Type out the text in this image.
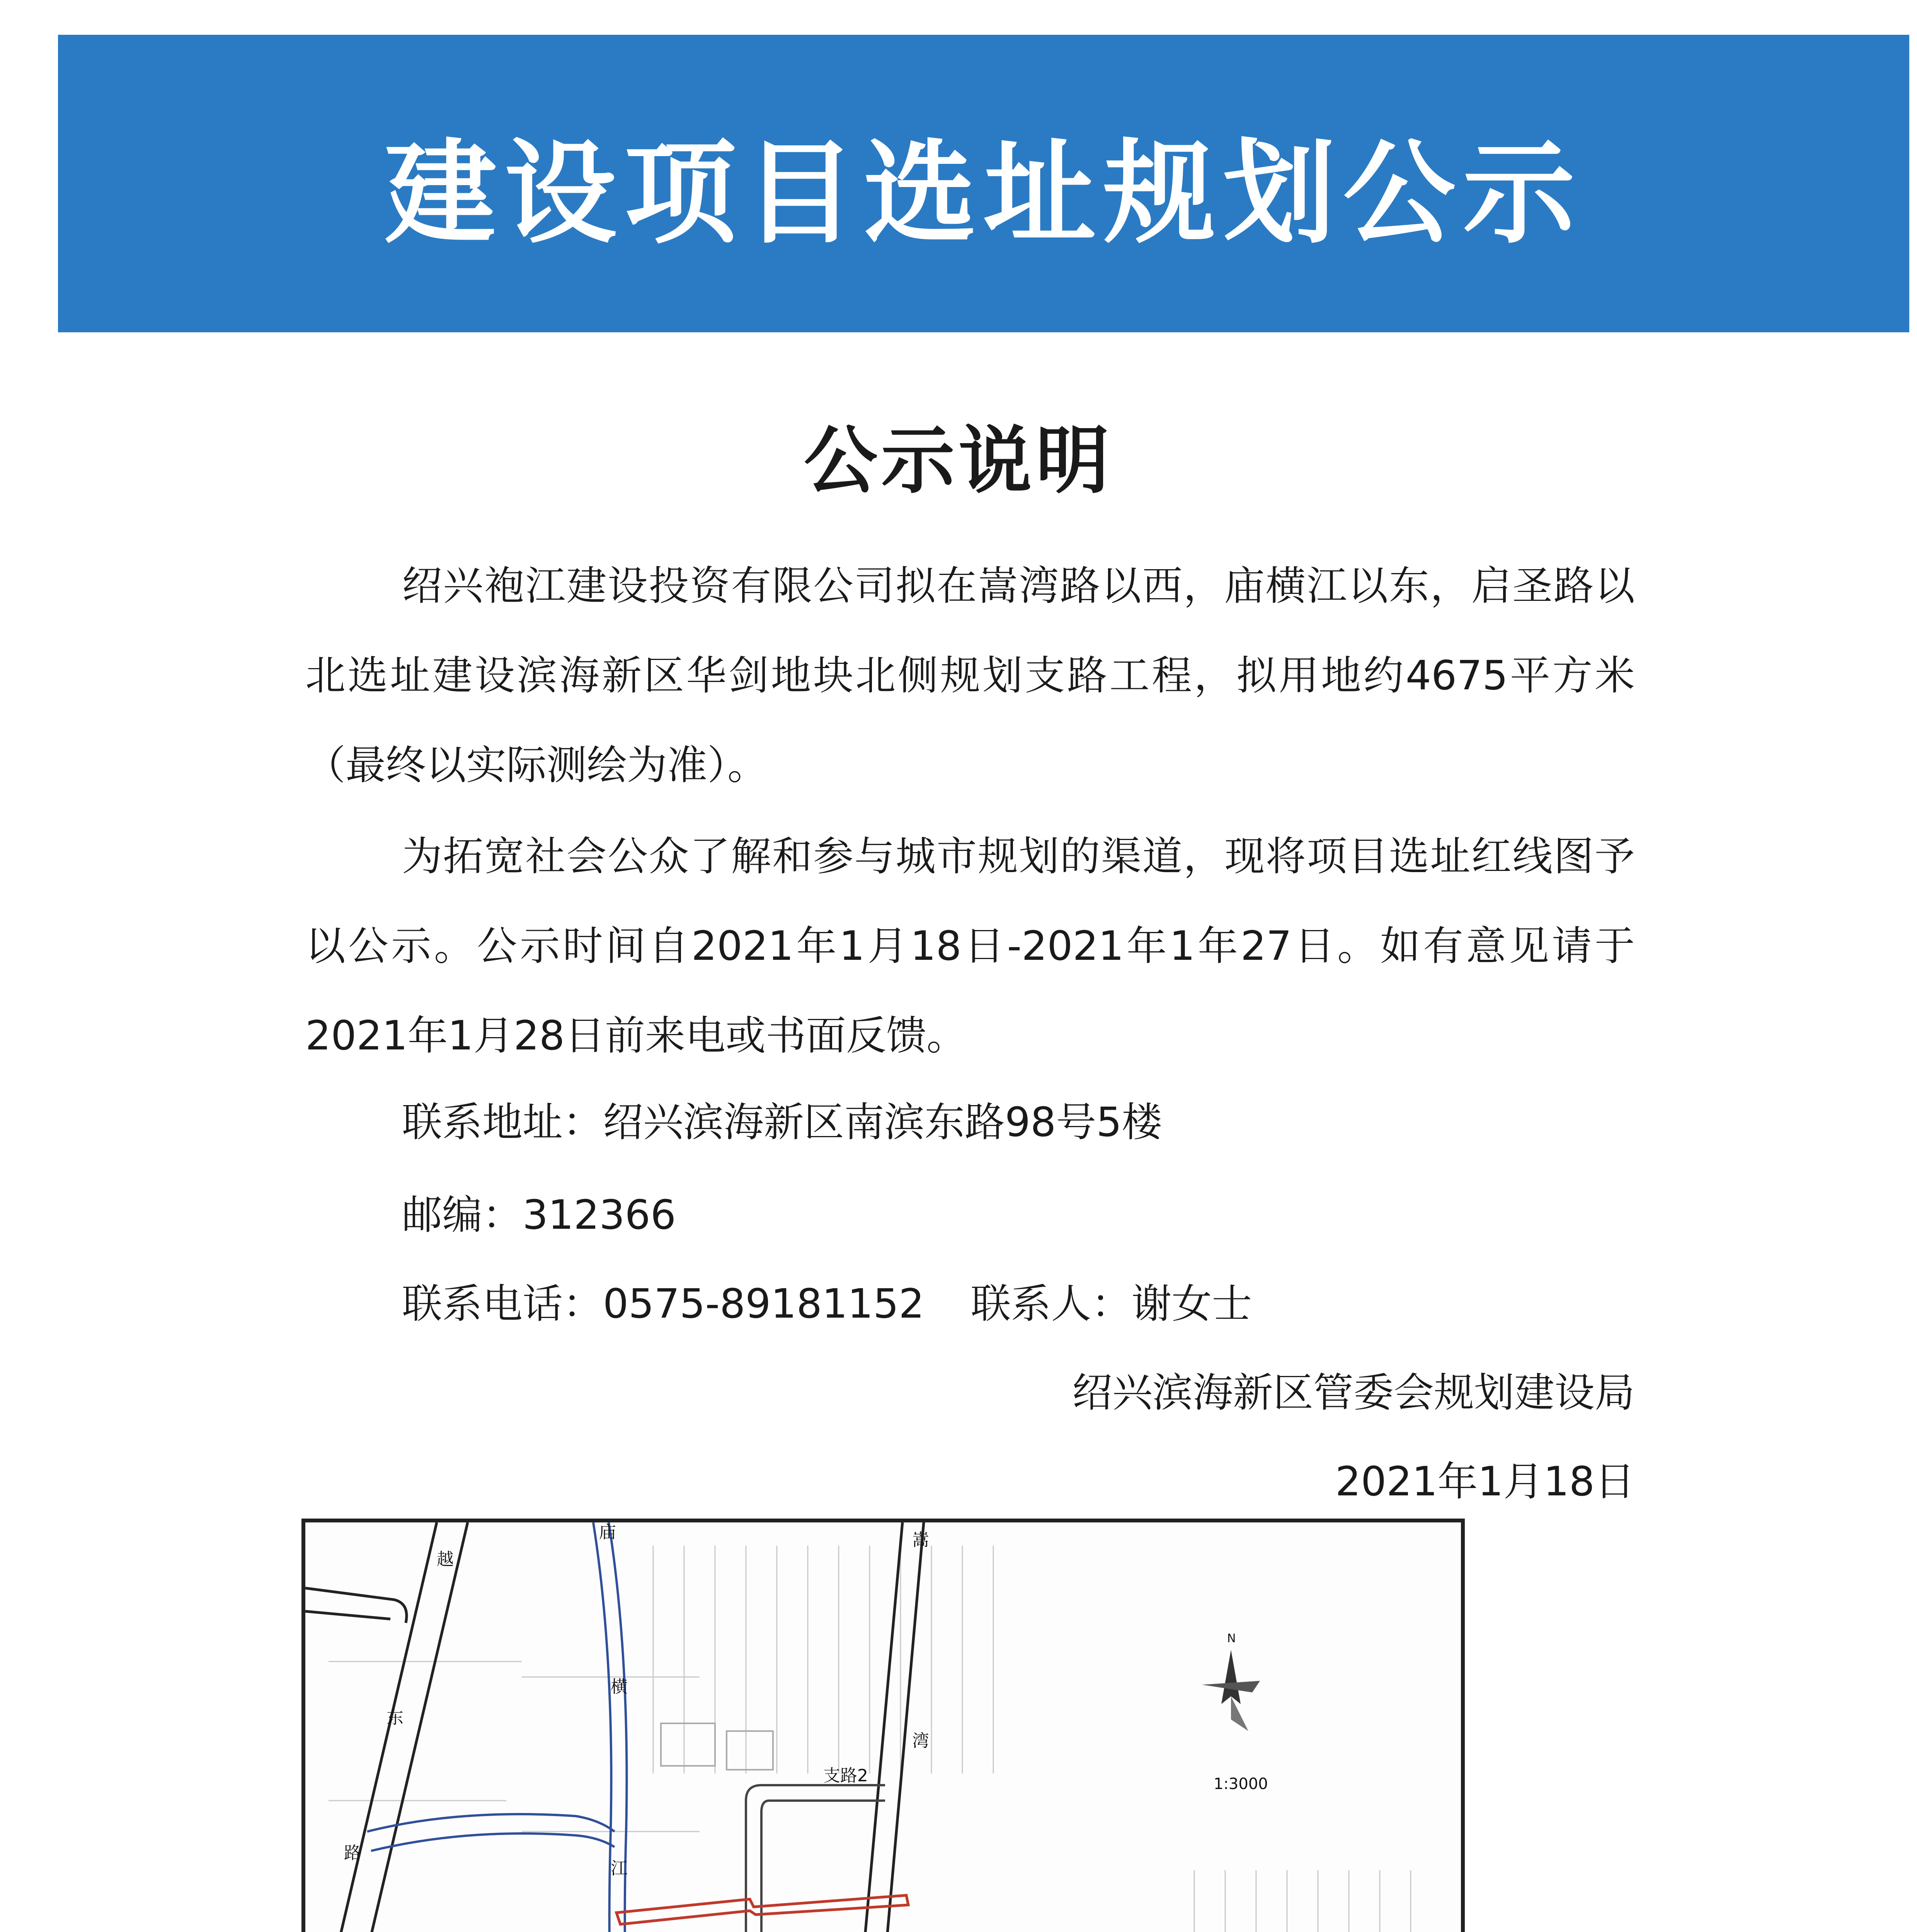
建设项目选址规划公示
公示说明

绍兴袍江建设投资有限公司拟在嵩湾路以西，庙横江以东，启圣路以北选址建设滨海新区华剑地块北侧规划支路工程，拟用地约4675平方米（最终以实际测绘为准）。

为拓宽社会公众了解和参与城市规划的渠道，现将项目选址红线图予以公示。公示时间自2021年1月18日-2021年1年27日。如有意见请于2021年1月28日前来电或书面反馈。

联系地址：绍兴滨海新区南滨东路98号5楼

邮编：312366

联系电话：0575-89181152 联系人：谢女士

绍兴滨海新区管委会规划建设局

2021年1月18日

越
东
路
庙
横
江
嵩
湾
支路2
N
1:3000
